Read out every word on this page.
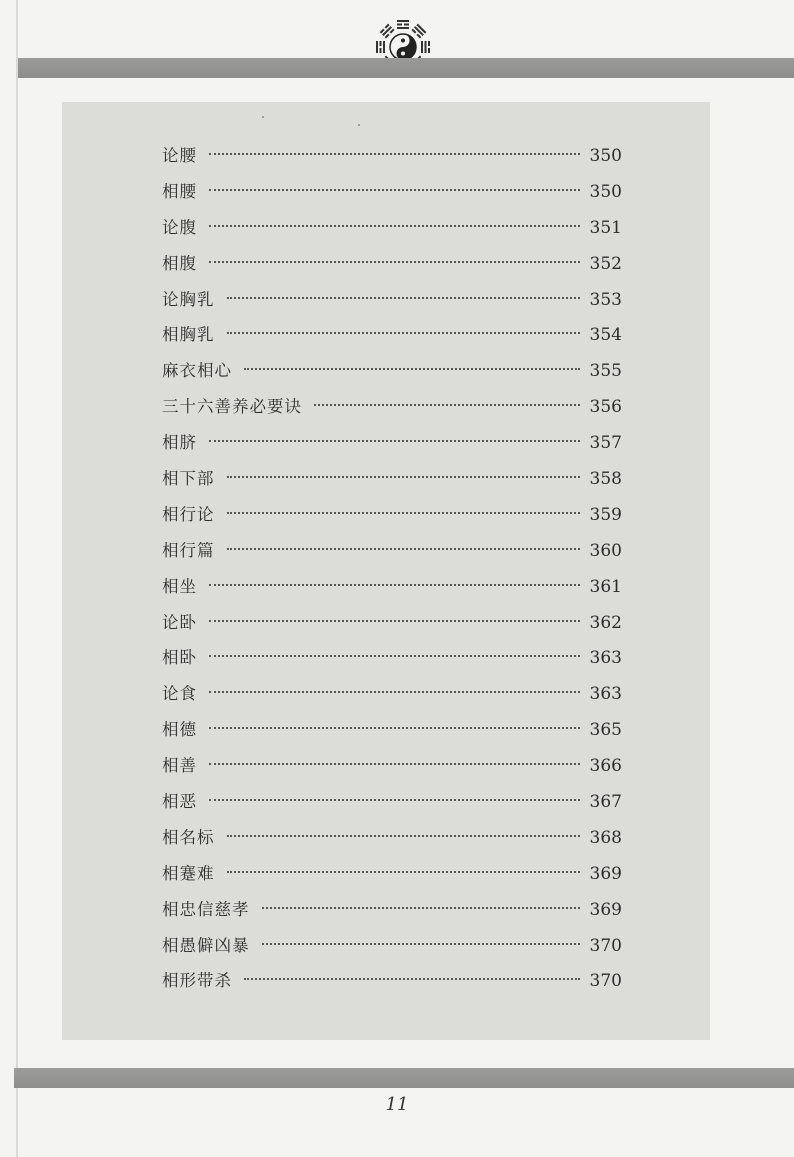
论腰	350
相腰	350
论腹	351
相腹	352
论胸乳	353
相胸乳	354
麻衣相心	355
三十六善养必要诀	356
相脐	357
相下部	358
相行论	359
相行篇	360
相坐	361
论卧	362
相卧	363
论食	363
相德	365
相善	366
相恶	367
相名标	368
相蹇难	369
相忠信慈孝	369
相愚僻凶暴	370
相形带杀	370
11
